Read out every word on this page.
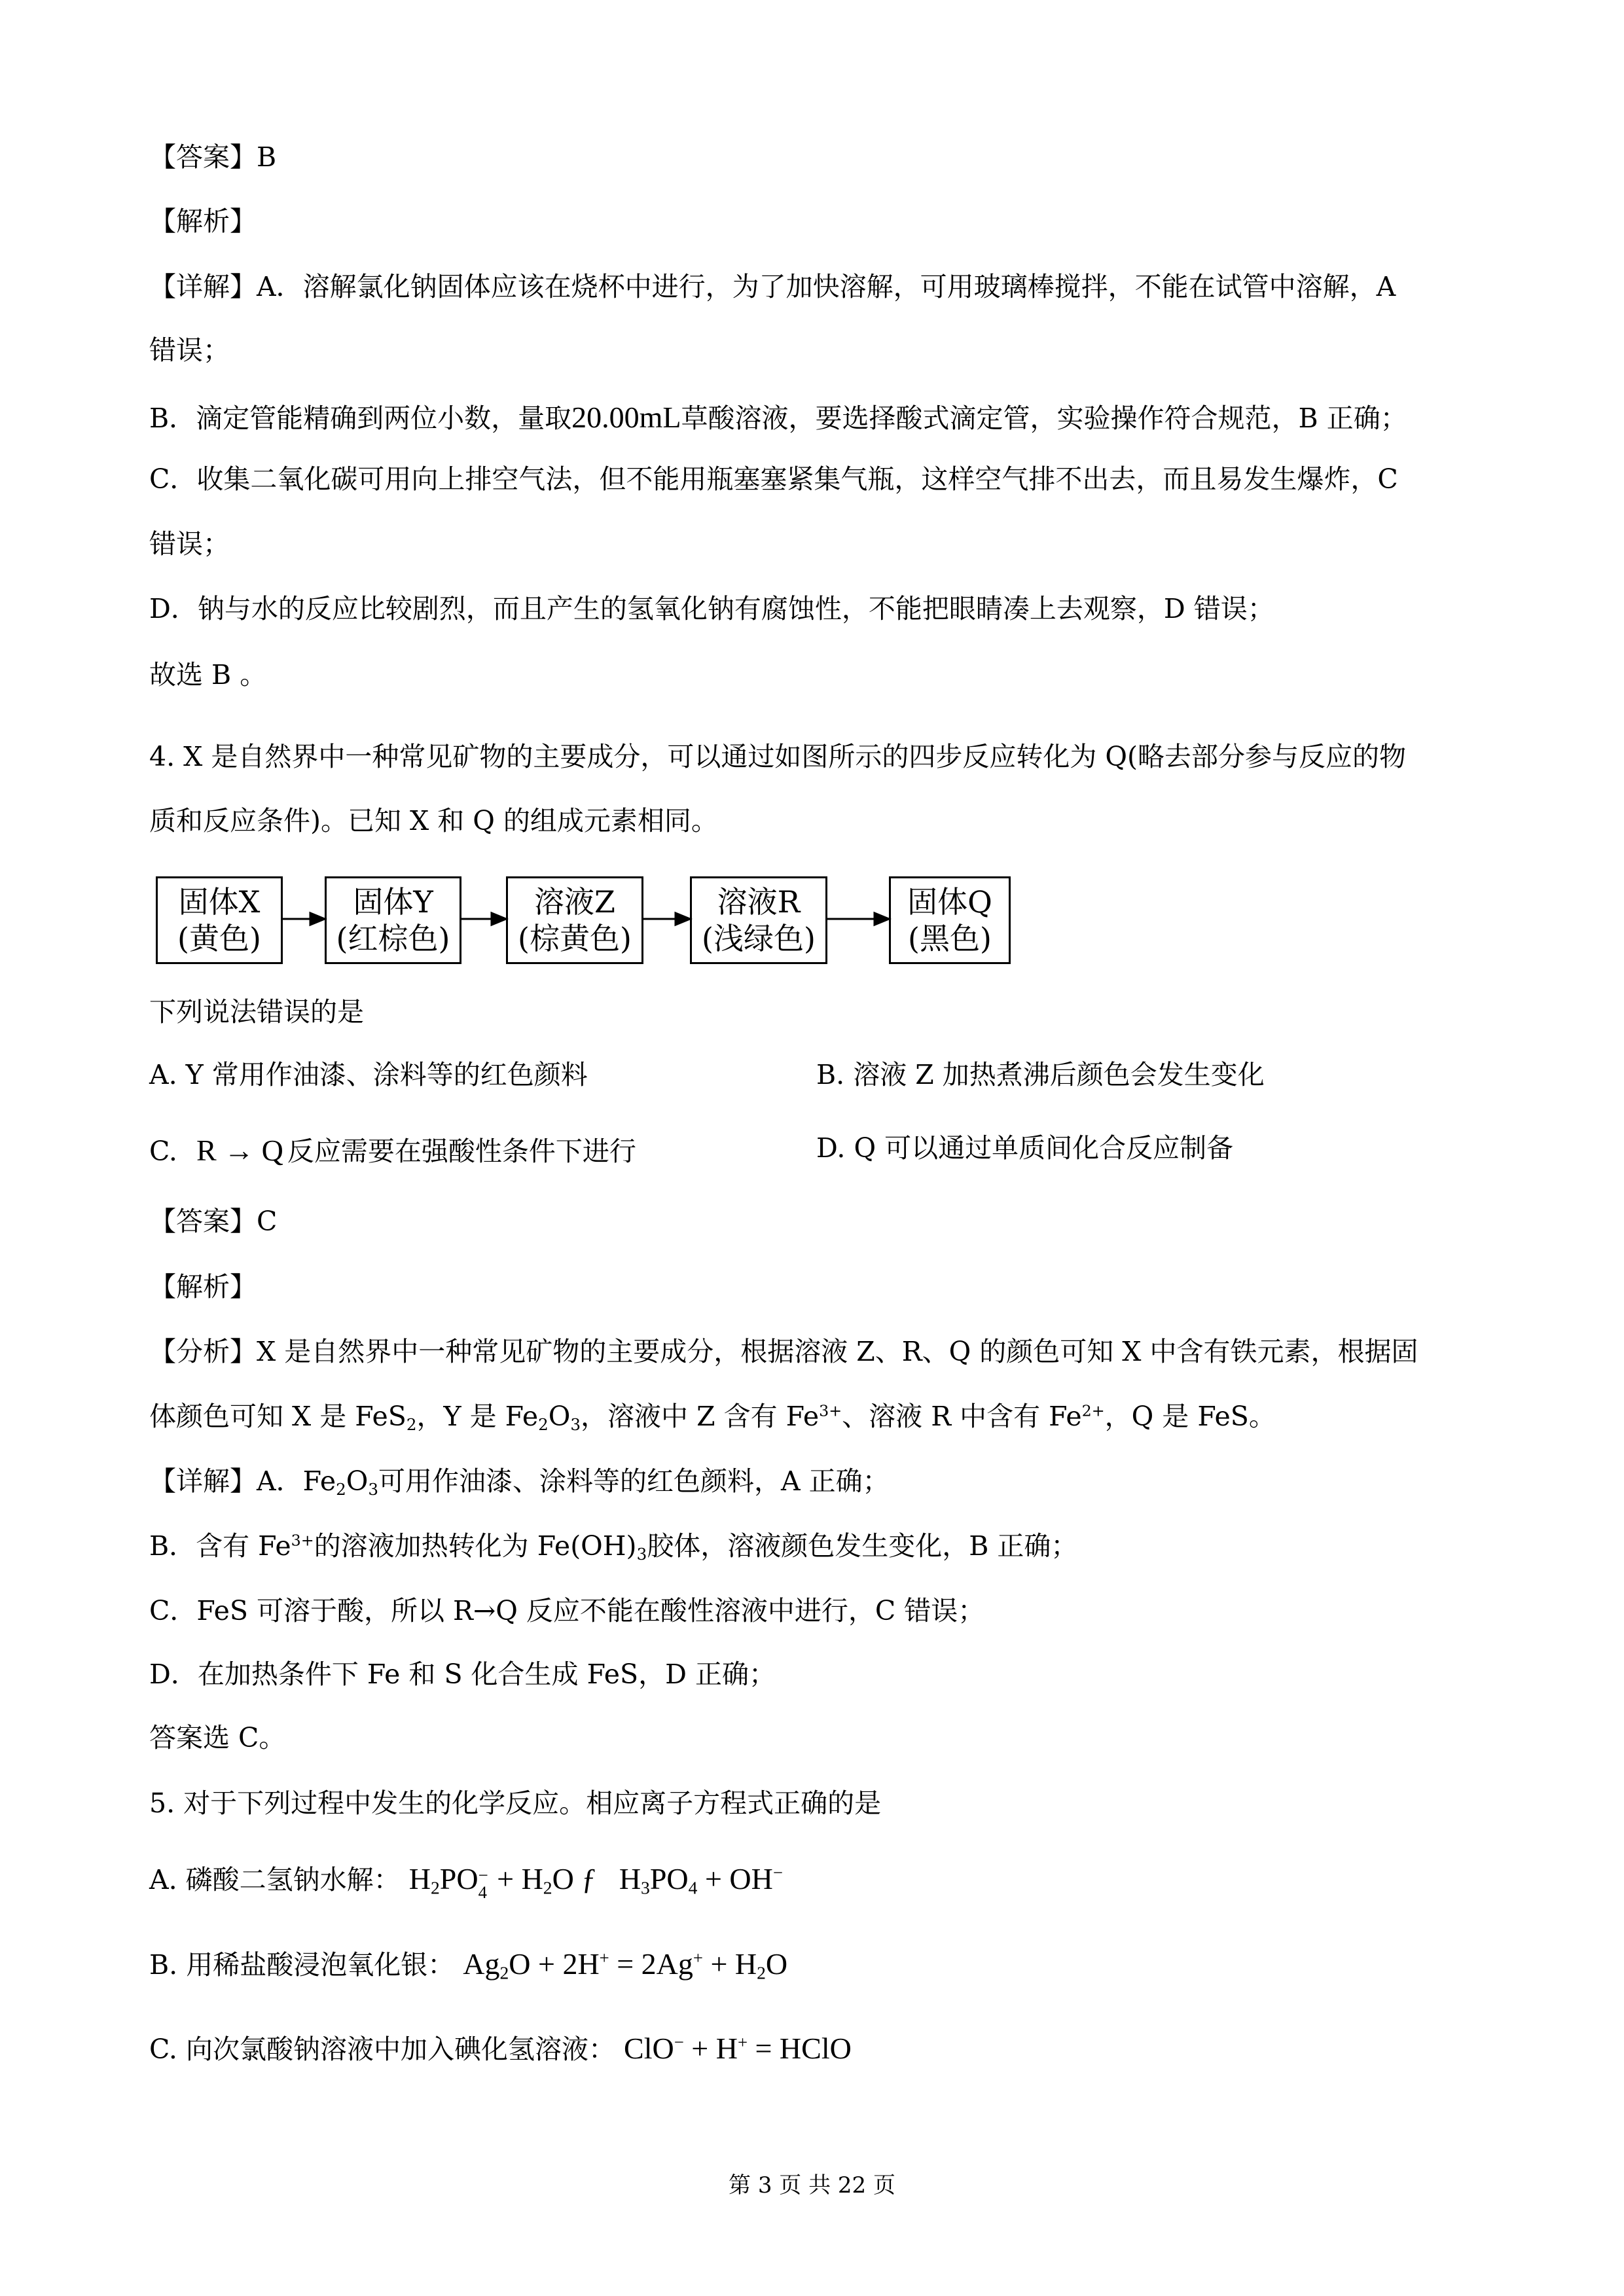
【答案】B
【解析】
【详解】A．溶解氯化钠固体应该在烧杯中进行，为了加快溶解，可用玻璃棒搅拌，不能在试管中溶解，A
错误；
B．滴定管能精确到两位小数，量取20.00mL草酸溶液，要选择酸式滴定管，实验操作符合规范，B 正确；
C．收集二氧化碳可用向上排空气法，但不能用瓶塞塞紧集气瓶，这样空气排不出去，而且易发生爆炸，C
错误；
D．钠与水的反应比较剧烈，而且产生的氢氧化钠有腐蚀性，不能把眼睛凑上去观察，D 错误；
故选 B 。
4. X 是自然界中一种常见矿物的主要成分，可以通过如图所示的四步反应转化为 Q(略去部分参与反应的物
质和反应条件)。已知 X 和 Q 的组成元素相同。
固体X
(黄色)
固体Y
(红棕色)
溶液Z
(棕黄色)
溶液R
(浅绿色)
固体Q
(黑色)
下列说法错误的是
A. Y 常用作油漆、涂料等的红色颜料	B. 溶液 Z 加热煮沸后颜色会发生变化
C. R → Q 反应需要在强酸性条件下进行	D. Q 可以通过单质间化合反应制备
【答案】C
【解析】
【分析】X 是自然界中一种常见矿物的主要成分，根据溶液 Z、R、Q 的颜色可知 X 中含有铁元素，根据固
体颜色可知 X 是 FeS$_2$，Y 是 $Fe_2O_3$，溶液中 Z 含有 $Fe^{3+}$、溶液 R 中含有 $Fe^{2+}$，Q 是 FeS。
【详解】A．$Fe_2O_3$可用作油漆、涂料等的红色颜料，A 正确；
B．含有 $Fe^{3+}$的溶液加热转化为 $Fe(OH)_3$胶体，溶液颜色发生变化，B 正确；
C．FeS 可溶于酸，所以 R→Q 反应不能在酸性溶液中进行，C 错误；
D．在加热条件下 Fe 和 S 化合生成 FeS，D 正确；
答案选 C。
5. 对于下列过程中发生的化学反应。相应离子方程式正确的是
A. 磷酸二氢钠水解： $H_2PO$ −
$4 + H_2O$ ƒ   $H_3PO_4 + OH^-$
B. 用稀盐酸浸泡氧化银： $Ag_2O + 2H^+ = 2Ag^+ + H_2O$
C. 向次氯酸钠溶液中加入碘化氢溶液： ClO− + H+ = HClO
第 3 页 共 22 页
